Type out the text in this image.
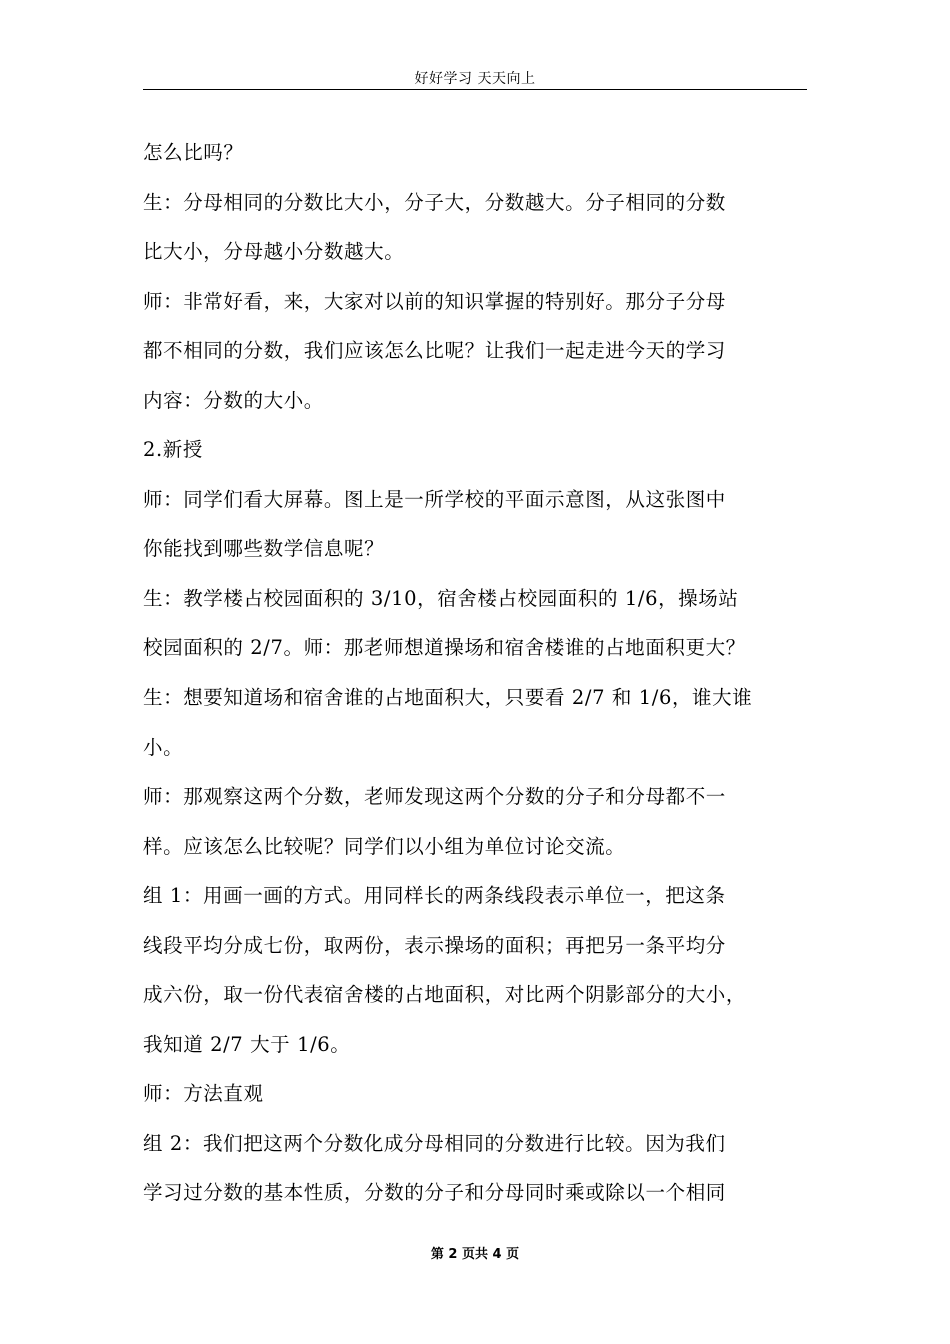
好好学习 天天向上
怎么比吗？
生：分母相同的分数比大小，分子大，分数越大。分子相同的分数
比大小，分母越小分数越大。
师：非常好看，来，大家对以前的知识掌握的特别好。那分子分母
都不相同的分数，我们应该怎么比呢？让我们一起走进今天的学习
内容：分数的大小。
2.新授
师：同学们看大屏幕。图上是一所学校的平面示意图，从这张图中
你能找到哪些数学信息呢？
生：教学楼占校园面积的 3/10，宿舍楼占校园面积的 1/6，操场站
校园面积的 2/7。师：那老师想道操场和宿舍楼谁的占地面积更大？
生：想要知道场和宿舍谁的占地面积大，只要看 2/7 和 1/6，谁大谁
小。
师：那观察这两个分数，老师发现这两个分数的分子和分母都不一
样。应该怎么比较呢？同学们以小组为单位讨论交流。
组 1：用画一画的方式。用同样长的两条线段表示单位一，把这条
线段平均分成七份，取两份，表示操场的面积；再把另一条平均分
成六份，取一份代表宿舍楼的占地面积，对比两个阴影部分的大小，
我知道 2/7 大于 1/6。
师：方法直观
组 2：我们把这两个分数化成分母相同的分数进行比较。因为我们
学习过分数的基本性质，分数的分子和分母同时乘或除以一个相同
第 2 页共 4 页
